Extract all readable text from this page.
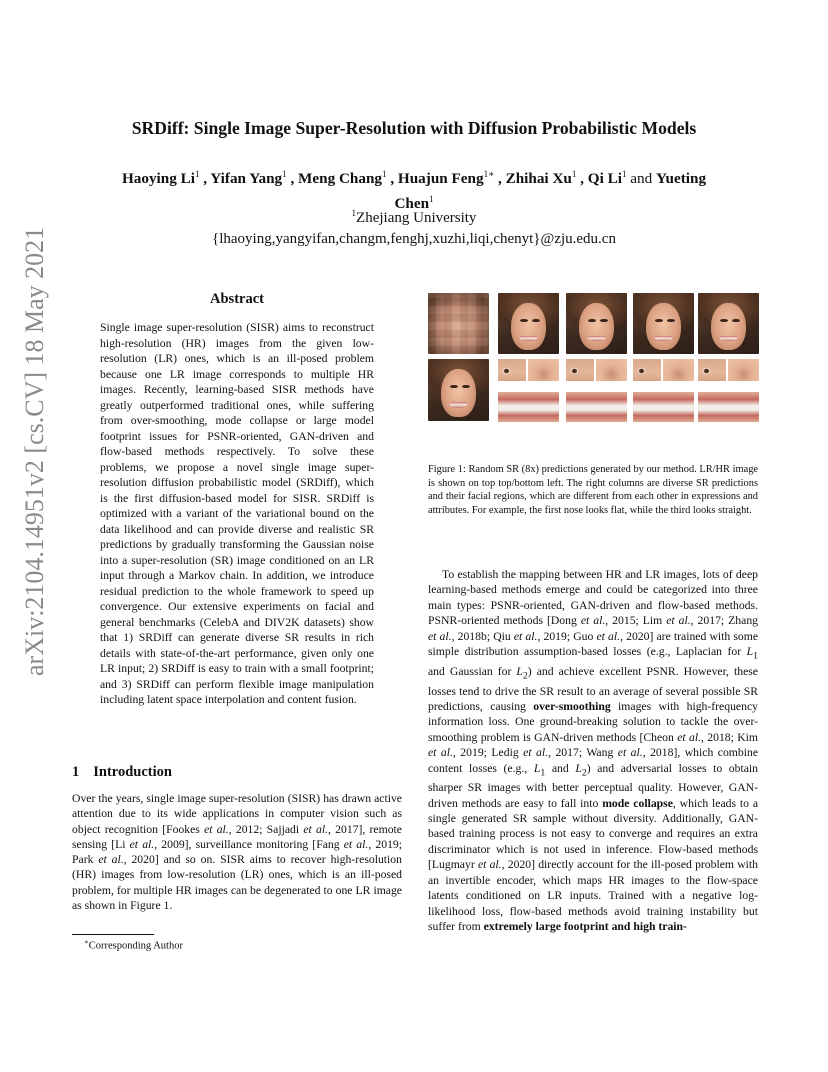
SRDiff: Single Image Super-Resolution with Diffusion Probabilistic Models
Haoying Li$^1$ , Yifan Yang$^1$ , Meng Chang$^1$ , Huajun Feng$^{1∗}$ , Zhihai Xu$^1$ , Qi Li$^1$ and Yueting
Chen$^1$
$^1$Zhejiang University
{lhaoying,yangyifan,changm,fenghj,xuzhi,liqi,chenyt}@zju.edu.cn
arXiv:2104.14951v2 [cs.CV] 18 May 2021	Abstract
Single image super-resolution (SISR) aims to reconstruct high-resolution (HR) images from the given low-resolution (LR) ones, which is an ill-posed problem because one LR image corresponds to multiple HR images. Recently, learning-based SISR methods have greatly outperformed traditional ones, while suffering from over-smoothing, mode collapse or large model footprint issues for PSNR-oriented, GAN-driven and flow-based methods respectively. To solve these problems, we propose a novel single image super-resolution diffusion probabilistic model (SRDiff), which is the first diffusion-based model for SISR. SRDiff is optimized with a variant of the variational bound on the data likelihood and can provide diverse and realistic SR predictions by gradually transforming the Gaussian noise into a super-resolution (SR) image conditioned on an LR input through a Markov chain. In addition, we introduce residual prediction to the whole framework to speed up convergence. Our extensive experiments on facial and general benchmarks (CelebA and DIV2K datasets) show that 1) SRDiff can generate diverse SR results in rich details with state-of-the-art performance, given only one LR input; 2) SRDiff is easy to train with a small footprint; and 3) SRDiff can perform flexible image manipulation including latent space interpolation and content fusion.
1 Introduction

Over the years, single image super-resolution (SISR) has drawn active attention due to its wide applications in computer vision such as object recognition [Fookes et al., 2012; Sajjadi et al., 2017], remote sensing [Li et al., 2009], surveillance monitoring [Fang et al., 2019; Park et al., 2020] and so on. SISR aims to recover high-resolution (HR) images from low-resolution (LR) ones, which is an ill-posed problem, for multiple HR images can be degenerated to one LR image as shown in Figure 1.

∗Corresponding Author
Figure 1: Random SR (8x) predictions generated by our method. LR/HR image is shown on top top/bottom left. The right columns are diverse SR predictions and their facial regions, which are different from each other in expressions and attributes. For example, the first nose looks flat, while the third looks straight.

To establish the mapping between HR and LR images, lots of deep learning-based methods emerge and could be categorized into three main types: PSNR-oriented, GAN-driven and flow-based methods. PSNR-oriented methods [Dong et al., 2015; Lim et al., 2017; Zhang et al., 2018b; Qiu et al., 2019; Guo et al., 2020] are trained with some simple distribution assumption-based losses (e.g., Laplacian for $L_1$ and Gaussian for $L_2$) and achieve excellent PSNR. However, these losses tend to drive the SR result to an average of several possible SR predictions, causing over-smoothing images with high-frequency information loss. One ground-breaking solution to tackle the over-smoothing problem is GAN-driven methods [Cheon et al., 2018; Kim et al., 2019; Ledig et al., 2017; Wang et al., 2018], which combine content losses (e.g., $L_1$ and $L_2$) and adversarial losses to obtain sharper SR images with better perceptual quality. However, GAN-driven methods are easy to fall into mode collapse, which leads to a single generated SR sample without diversity. Additionally, GAN-based training process is not easy to converge and requires an extra discriminator which is not used in inference. Flow-based methods [Lugmayr et al., 2020] directly account for the ill-posed problem with an invertible encoder, which maps HR images to the flow-space latents conditioned on LR inputs. Trained with a negative log-likelihood loss, flow-based methods avoid training instability but suffer from extremely large footprint and high train-
